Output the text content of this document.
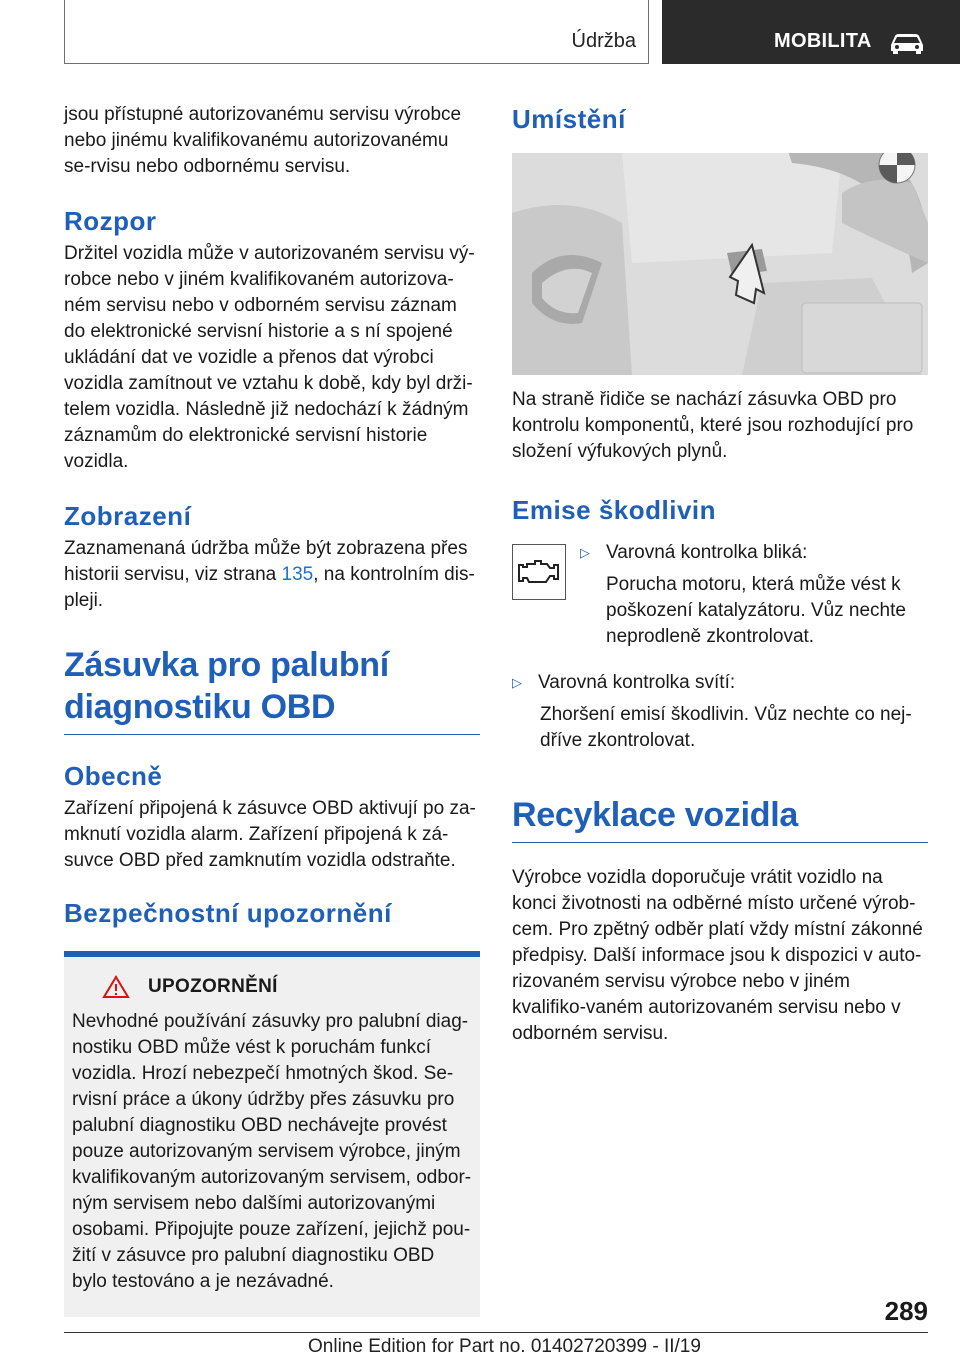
Údržba	MOBILITA

jsou přístupné autorizovanému servisu výrobce nebo jinému kvalifikovanému autorizovanému se-rvisu nebo odbornému servisu.

Rozpor

Držitel vozidla může v autorizovaném servisu vý-robce nebo v jiném kvalifikovaném autorizova-ném servisu nebo v odborném servisu záznam do elektronické servisní historie a s ní spojené ukládání dat ve vozidle a přenos dat výrobci vozidla zamítnout ve vztahu k době, kdy byl drži-telem vozidla. Následně již nedochází k žádným záznamům do elektronické servisní historie vozidla.

Zobrazení

Zaznamenaná údržba může být zobrazena přes historii servisu, viz strana 135, na kontrolním dis-pleji.

Zásuvka pro palubní diagnostiku OBD
Obecně

Zařízení připojená k zásuvce OBD aktivují po za-mknutí vozidla alarm. Zařízení připojená k zá-suvce OBD před zamknutím vozidla odstraňte.

Bezpečnostní upozornění
UPOZORNĚNÍ

Nevhodné používání zásuvky pro palubní diag-nostiku OBD může vést k poruchám funkcí vozidla. Hrozí nebezpečí hmotných škod. Se-rvisní práce a úkony údržby přes zásuvku pro palubní diagnostiku OBD nechávejte provést pouze autorizovaným servisem výrobce, jiným kvalifikovaným autorizovaným servisem, odbor-ným servisem nebo dalšími autorizovanými osobami. Připojujte pouze zařízení, jejichž pou-žití v zásuvce pro palubní diagnostiku OBD bylo testováno a je nezávadné.

Umístění

Na straně řidiče se nachází zásuvka OBD pro kontrolu komponentů, které jsou rozhodující pro složení výfukových plynů.

Emise škodlivin
▷ Varovná kontrolka bliká:
Porucha motoru, která může vést k poškození katalyzátoru. Vůz nechte neprodleně zkontrolovat.
▷ Varovná kontrolka svítí:
Zhoršení emisí škodlivin. Vůz nechte co nej-dříve zkontrolovat.
Recyklace vozidla

Výrobce vozidla doporučuje vrátit vozidlo na konci životnosti na odběrné místo určené výrob-cem. Pro zpětný odběr platí vždy místní zákonné předpisy. Další informace jsou k dispozici v auto-rizovaném servisu výrobce nebo v jiném kvalifiko-vaném autorizovaném servisu nebo v odborném servisu.

289
Online Edition for Part no. 01402720399 - II/19
